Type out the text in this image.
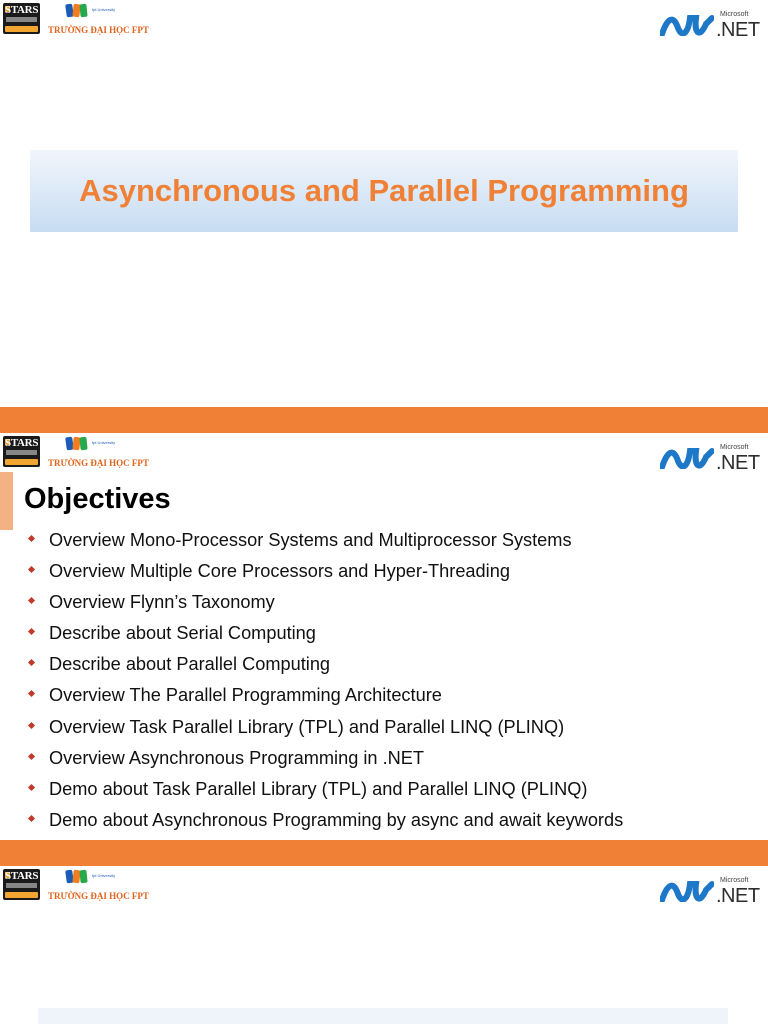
STARS	fpt University
TRƯỜNG ĐẠI HỌC FPT
Microsoft
.NET
Asynchronous and Parallel Programming
STARS	fpt University
TRƯỜNG ĐẠI HỌC FPT
Microsoft
.NET
Objectives
Overview Mono-Processor Systems and Multiprocessor Systems
Overview Multiple Core Processors and Hyper-Threading
Overview Flynn’s Taxonomy
Describe about Serial Computing
Describe about Parallel Computing
Overview The Parallel Programming Architecture
Overview Task Parallel Library (TPL) and Parallel LINQ (PLINQ)
Overview Asynchronous Programming in .NET
Demo about Task Parallel Library (TPL) and Parallel LINQ (PLINQ)
Demo about Asynchronous Programming by async and await keywords
STARS	fpt University
TRƯỜNG ĐẠI HỌC FPT
Microsoft
.NET
